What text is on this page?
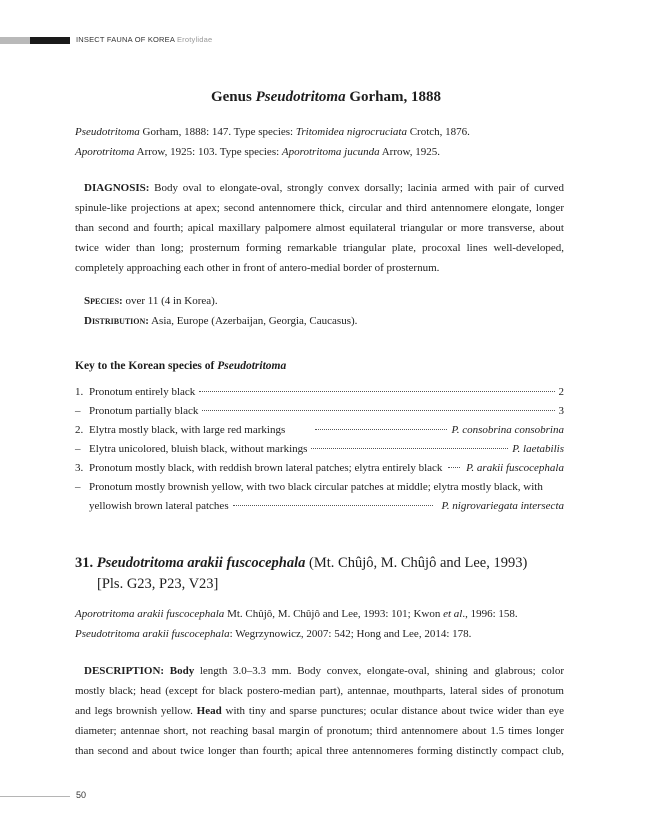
INSECT FAUNA OF KOREA Erotylidae
Genus Pseudotritoma Gorham, 1888
Pseudotritoma Gorham, 1888: 147. Type species: Tritomidea nigrocruciata Crotch, 1876.
Aporotritoma Arrow, 1925: 103. Type species: Aporotritoma jucunda Arrow, 1925.
DIAGNOSIS: Body oval to elongate-oval, strongly convex dorsally; lacinia armed with pair of curved
spinule-like projections at apex; second antennomere thick, circular and third antennomere elongate, longer
than second and fourth; apical maxillary palpomere almost equilateral triangular or more transverse, about
twice wider than long; prosternum forming remarkable triangular plate, procoxal lines well-developed,
completely approaching each other in front of antero-medial border of prosternum.
Species: over 11 (4 in Korea).
Distribution: Asia, Europe (Azerbaijan, Georgia, Caucasus).
Key to the Korean species of Pseudotritoma
1. Pronotum entirely black	2
– Pronotum partially black	3
2. Elytra mostly black, with large red markings	P. consobrina consobrina
– Elytra unicolored, bluish black, without markings	P. laetabilis
3. Pronotum mostly black, with reddish brown lateral patches; elytra entirely black P. arakii fuscocephala
– Pronotum mostly brownish yellow, with two black circular patches at middle; elytra mostly black, with
yellowish brown lateral patches	P. nigrovariegata intersecta
31. Pseudotritoma arakii fuscocephala (Mt. Chûjô, M. Chûjô and Lee, 1993)
[Pls. G23, P23, V23]
Aporotritoma arakii fuscocephala Mt. Chûjô, M. Chûjô and Lee, 1993: 101; Kwon et al., 1996: 158.
Pseudotritoma arakii fuscocephala: Wegrzynowicz, 2007: 542; Hong and Lee, 2014: 178.
DESCRIPTION: Body length 3.0–3.3 mm. Body convex, elongate-oval, shining and glabrous; color
mostly black; head (except for black postero-median part), antennae, mouthparts, lateral sides of pronotum
and legs brownish yellow. Head with tiny and sparse punctures; ocular distance about twice wider than eye
diameter; antennae short, not reaching basal margin of pronotum; third antennomere about 1.5 times longer
than second and about twice longer than fourth; apical three antennomeres forming distinctly compact club,
50
